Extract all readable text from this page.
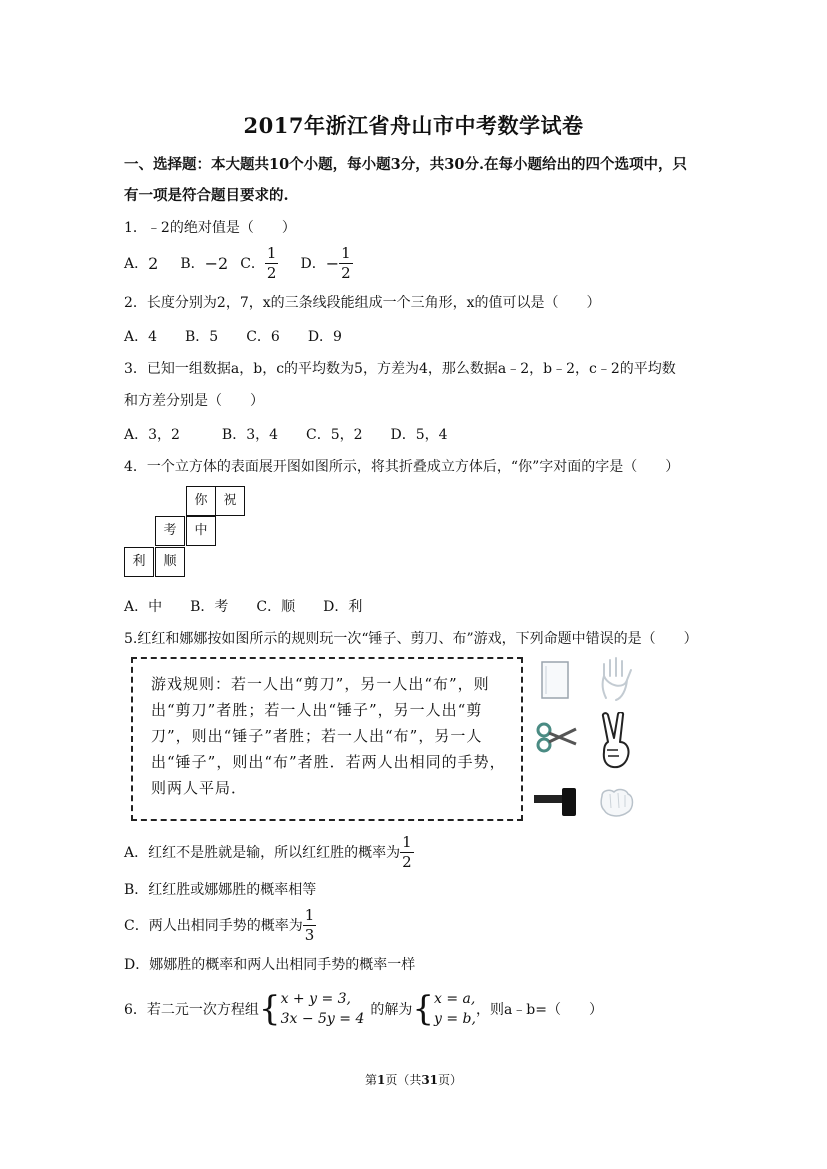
2017年浙江省舟山市中考数学试卷
一、选择题：本大题共10个小题，每小题3分，共30分.在每小题给出的四个选项中，只
有一项是符合题目要求的.
1．﹣2的绝对值是（　　）
A． 2 B． −2 C． $\frac{1}{2}$ D． − $\frac{1}{2}$
2．长度分别为2，7，x的三条线段能组成一个三角形，x的值可以是（　　）
A．4　　B．5　　C．6　　D．9
3．已知一组数据a，b，c的平均数为5，方差为4，那么数据a﹣2，b﹣2，c﹣2的平均数
和方差分别是（　　）
A．3，2　　　B．3，4　　C．5，2　　D．5，4
4．一个立方体的表面展开图如图所示，将其折叠成立方体后，“你”字对面的字是（　　）
你	祝
考	中
利	顺
A．中　　B．考　　C．顺　　D．利
5.红红和娜娜按如图所示的规则玩一次“锤子、剪刀、布”游戏，下列命题中错误的是（　　）
游戏规则：若一人出“剪刀”，另一人出“布”，则出“剪刀”者胜；若一人出“锤子”，另一人出“剪刀”，则出“锤子”者胜；若一人出“布”，另一人出“锤子”，则出“布”者胜．若两人出相同的手势，则两人平局．
A．红红不是胜就是输，所以红红胜的概率为 $\frac{1}{2}$
B．红红胜或娜娜胜的概率相等
C．两人出相同手势的概率为 $\frac{1}{3}$
D．娜娜胜的概率和两人出相同手势的概率一样
6．若二元一次方程组 { x + y = 3,
3x − 5y = 4
的解为 { x = a,
y = b,
，则a﹣b=（　　）
第1页（共31页）
